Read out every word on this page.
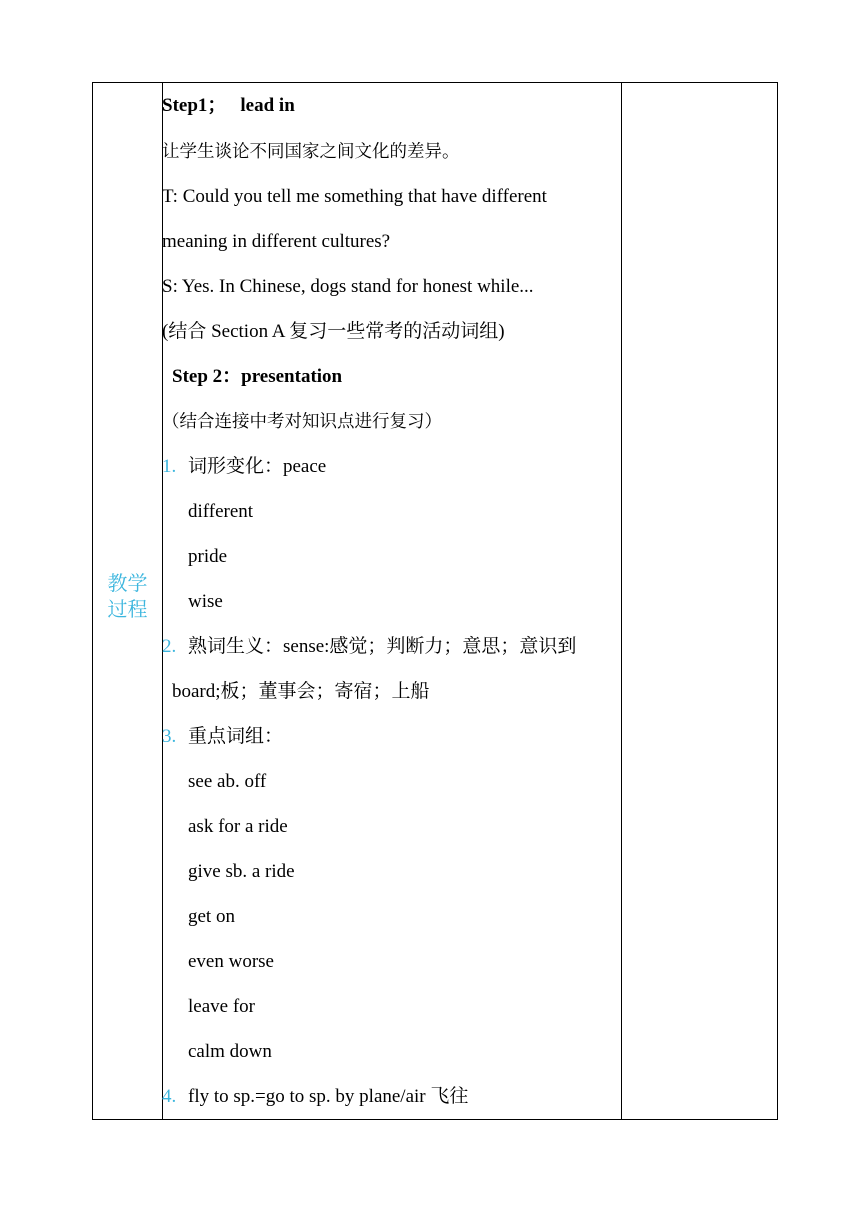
教学
过程
Step1； lead in
让学生谈论不同国家之间文化的差异。
T: Could you tell me something that have different
meaning in different cultures?
S: Yes. In Chinese, dogs stand for honest while...
(结合 Section A 复习一些常考的活动词组)
Step 2：presentation
（结合连接中考对知识点进行复习）
1. 词形变化：peace
different
pride
wise
2. 熟词生义：sense:感觉；判断力；意思；意识到
board;板；董事会；寄宿；上船
3. 重点词组：
see ab. off
ask for a ride
give sb. a ride
get on
even worse
leave for
calm down
4. fly to sp.=go to sp. by plane/air 飞往
